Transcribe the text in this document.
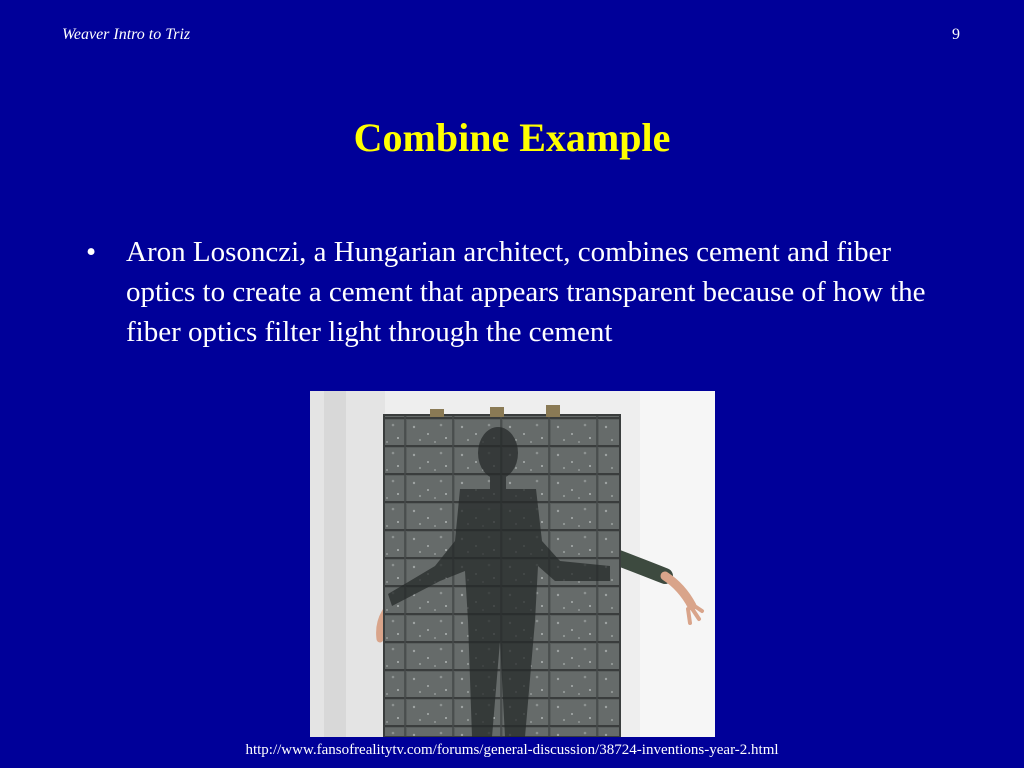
Weaver Intro to Triz	9
Combine Example
•	Aron Losonczi, a Hungarian architect, combines cement and fiber optics to create a cement that appears transparent because of how the fiber optics filter light through the cement
http://www.fansofrealitytv.com/forums/general-discussion/38724-inventions-year-2.html
